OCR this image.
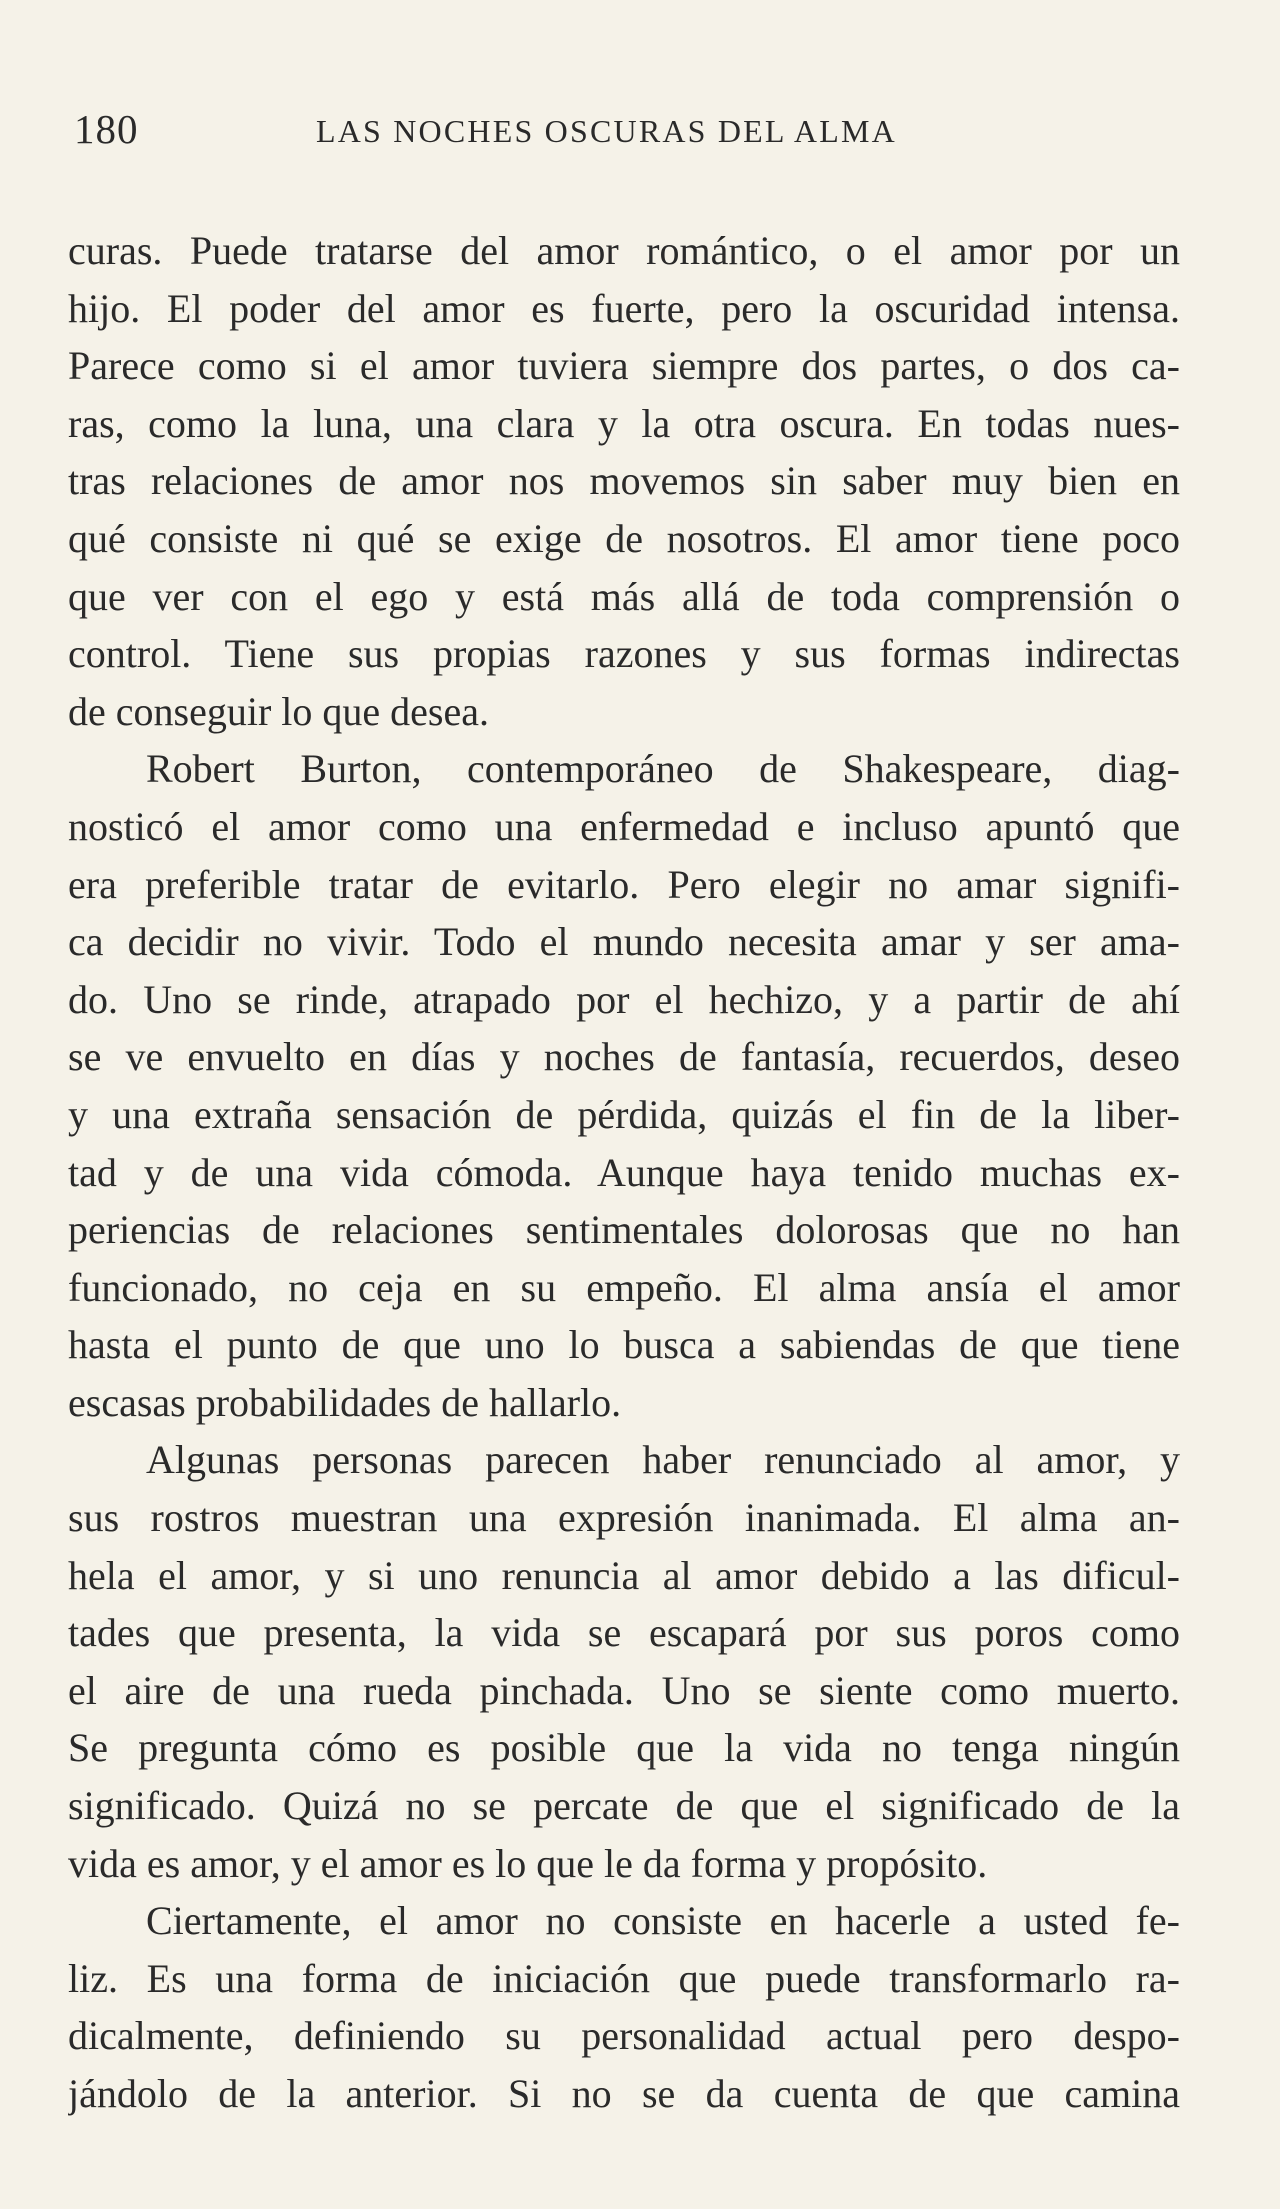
180	LAS NOCHES OSCURAS DEL ALMA
curas. Puede tratarse del amor romántico, o el amor por un
hijo. El poder del amor es fuerte, pero la oscuridad intensa.
Parece como si el amor tuviera siempre dos partes, o dos ca-
ras, como la luna, una clara y la otra oscura. En todas nues-
tras relaciones de amor nos movemos sin saber muy bien en
qué consiste ni qué se exige de nosotros. El amor tiene poco
que ver con el ego y está más allá de toda comprensión o
control. Tiene sus propias razones y sus formas indirectas
de conseguir lo que desea.
Robert Burton, contemporáneo de Shakespeare, diag-
nosticó el amor como una enfermedad e incluso apuntó que
era preferible tratar de evitarlo. Pero elegir no amar signifi-
ca decidir no vivir. Todo el mundo necesita amar y ser ama-
do. Uno se rinde, atrapado por el hechizo, y a partir de ahí
se ve envuelto en días y noches de fantasía, recuerdos, deseo
y una extraña sensación de pérdida, quizás el fin de la liber-
tad y de una vida cómoda. Aunque haya tenido muchas ex-
periencias de relaciones sentimentales dolorosas que no han
funcionado, no ceja en su empeño. El alma ansía el amor
hasta el punto de que uno lo busca a sabiendas de que tiene
escasas probabilidades de hallarlo.
Algunas personas parecen haber renunciado al amor, y
sus rostros muestran una expresión inanimada. El alma an-
hela el amor, y si uno renuncia al amor debido a las dificul-
tades que presenta, la vida se escapará por sus poros como
el aire de una rueda pinchada. Uno se siente como muerto.
Se pregunta cómo es posible que la vida no tenga ningún
significado. Quizá no se percate de que el significado de la
vida es amor, y el amor es lo que le da forma y propósito.
Ciertamente, el amor no consiste en hacerle a usted fe-
liz. Es una forma de iniciación que puede transformarlo ra-
dicalmente, definiendo su personalidad actual pero despo-
jándolo de la anterior. Si no se da cuenta de que camina
